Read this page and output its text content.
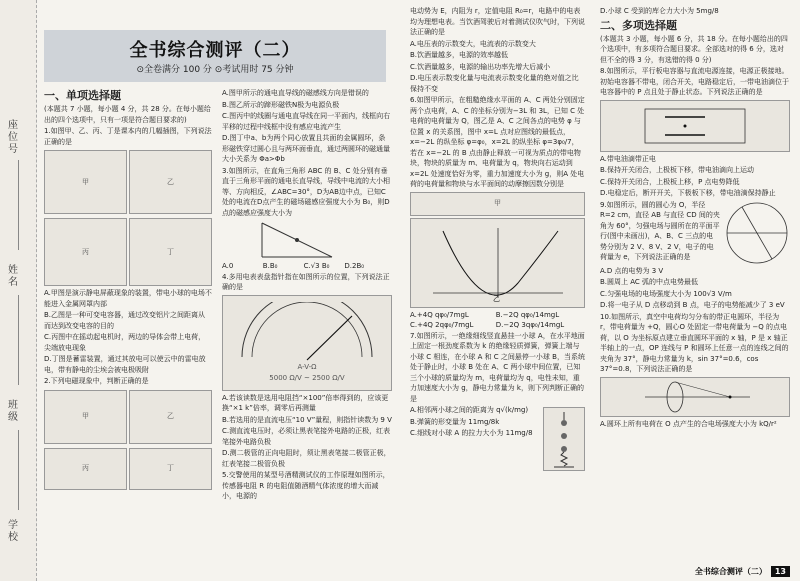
座位号
姓名
班级
学校
全书综合测评（二）
⊙全卷满分 100 分 ⊙考试用时 75 分钟

一、单项选择题

(本题共 7 小题，每小题 4 分，共 28 分。在每小题给出的四个选项中，只有一项是符合题目要求的)

1.如图甲、乙、丙、丁是课本内的几幅插图，下列说法正确的是

甲	乙
丙	丁

A.甲图是演示静电屏蔽现象的装置，带电小球的电场不能进入金属网罩内部

B.乙图是一种可变电容器，通过改变铝片之间距离从而达到改变电容的目的

C.丙图中在摇动起电机时，两边的导体会带上电荷，尖端放电现象

D.丁图是蓄雷装置，通过其放电可以使云中的雷电放电，带有静电的尘埃会被电极吸附

2.下列电磁现象中，判断正确的是

甲	乙
丙	丁

A.图甲所示的通电直导线的磁感线方向是错误的

B.图乙所示的蹄形磁铁N极为电源负极

C.图丙中的线圈与通电直导线在同一平面内，线框向右平移的过程中线框中没有感应电流产生

D.图丁中a、b为两个同心放置且共面的金属圆环，条形磁铁穿过圆心且与两环面垂直，通过两圆环的磁通量大小关系为 Φa>Φb

3.如图所示，在直角三角形 ABC 的 B、C 处分别有垂直于三角形平面的通电长直导线，导线中电流的大小相等、方向相反，∠ABC=30°，D为AB边中点，已知C处的电流在D点产生的磁场磁感应强度大小为 B₀，则D点的磁感应强度大小为

A.0	B.B₀	C.√3 B₀ D.2B₀

4.多用电表表盘指针指在如图所示的位置，下列说法正确的是

A-V-Ω
5000 Ω/V ~ 2500 Ω/V

A.若该读数是选用电阻挡“×100”倍率得到的，应该更换“×1 k”倍率，调零后再测量

B.若选用的是直流电压“10 V”量程，则指针读数为 9 V

C.测直流电压时，必须让黑表笔接外电路的正极，红表笔接外电路负极

D.测二极管的正向电阻时，须让黑表笔接二极管正极，红表笔接二极管负极

5.交警使用的某型号酒精测试仪的工作原理如图所示，传感器电阻 R 的电阻值随酒精气体浓度的增大而减小，电源的

电动势为 E，内阻为 r，定值电阻 R₀=r，电路中的电表均为理想电表。当饮酒驾驶后对着测试仪吹气时，下列说法正确的是

A.电压表的示数变大，电流表的示数变大

B.饮酒量越多，电源的效率越低

C.饮酒量越多，电源的输出功率先增大后减小

D.电压表示数变化量与电流表示数变化量的绝对值之比保持不变

6.如图甲所示，在粗糙绝缘水平面的 A、C 两处分别固定两个点电荷，A、C 的坐标分别为−3L 和 3L，已知 C 处电荷的电荷量为 Q，图乙是 A、C 之间各点的电势 φ 与位置 x 的关系图，图中 x=L 点对应图线的最低点，x=−2L 的纵坐标 φ=φ₀，x=2L 的纵坐标 φ=3φ₀/7，若在 x=−2L 的 B 点由静止释放一可视为质点的带电物块，物块的质量为 m、电荷量为 q，物块向右运动到 x=2L 处速度恰好为零，重力加速度大小为 g，则A 处电荷的电荷量和物块与水平面间的动摩擦因数分别是

甲
乙
A.+4Q qφ₀/7mgL	B.−2Q qφ₀/14mgL C.+4Q 2qφ₀/7mgL	D.−2Q 3qφ₀/14mgL

7.如图所示，一绝缘细线竖直悬挂一小球 A，在水平地面上固定一根劲度系数为 k 的绝缘轻质弹簧，弹簧上端与小球 C 相连，在小球 A 和 C 之间悬停一小球 B，当系统处于静止时，小球 B 处在 A、C 两小球中间位置，已知三个小球的质量均为 m，电荷量均为 q，电性未知，重力加速度大小为 g，静电力常量为 k，则下列判断正确的是

A.相邻两小球之间的距离为 q√(k/mg)

B.弹簧的形变量为 11mg/8k

C.细线对小球 A 的拉力大小为 11mg/8

D.小球 C 受到的库仑力大小为 5mg/8

二、多项选择题

(本题共 3 小题，每小题 6 分，共 18 分。在每小题给出的四个选项中，有多项符合题目要求。全部选对的得 6 分，选对但不全的得 3 分，有选错的得 0 分)

8.如图所示，平行板电容器与直流电源连接，电源正极接地。初始电容器不带电，闭合开关，电路稳定后，一带电油滴位于电容器中的 P 点且处于静止状态。下列说法正确的是

A.带电油滴带正电

B.保持开关闭合，上极板下移，带电油滴向上运动

C.保持开关闭合，上极板上移，P 点电势降低

D.电稳定后，断开开关，下极板下移，带电油滴保持静止

9.如图所示，圆的圆心为 O，半径 R=2 cm，直径 AB 与直径 CD 间的夹角为 60°，匀强电场与圆所在的平面平行(图中未画出)，A、B、C 三点的电势分别为 2 V、8 V、2 V，电子的电荷量为 e，下列说法正确的是

A.D 点的电势为 3 V

B.圆周上 AC 弧的中点电势最低

C.匀强电场的电场强度大小为 100√3 V/m

D.将一电子从 D 点移动到 B 点，电子的电势能减少了 3 eV

10.如图所示，真空中电荷均匀分布的带正电圆环，半径为 r，带电荷量为 +Q，圆心O 处固定一带电荷量为 −Q 的点电荷，以 O 为坐标原点建立垂直圆环平面的 x 轴，P 是 x 轴正半轴上的一点，OP 连线与 P 和圆环上任意一点的连线之间的夹角为 37°，静电力常量为 k，sin 37°=0.6，cos 37°=0.8，下列说法正确的是

A.圆环上所有电荷在 O 点产生的合电场强度大小为 kQ/r²

全书综合测评（二） 13
